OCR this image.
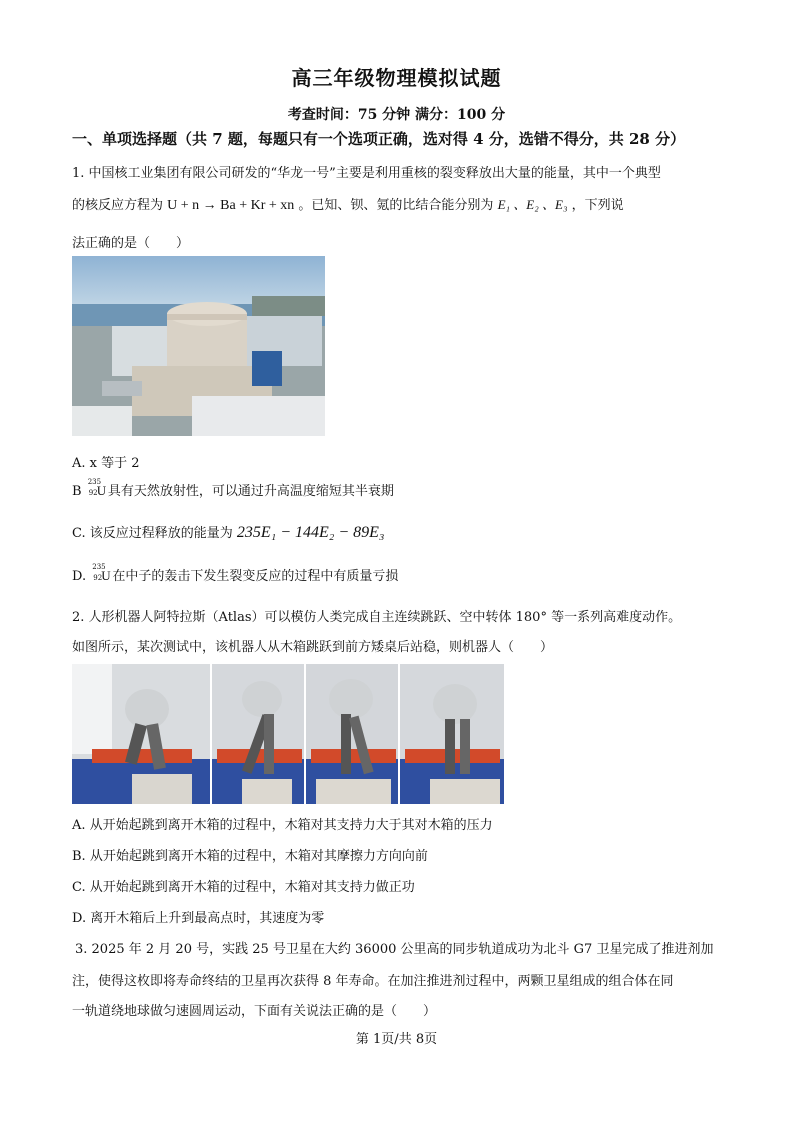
高三年级物理模拟试题
考查时间：75 分钟 满分：100 分
一、单项选择题（共 7 题，每题只有一个选项正确，选对得 4 分，选错不得分，共 28 分）
1. 中国核工业集团有限公司研发的“华龙一号”主要是利用重核的裂变释放出大量的能量，其中一个典型
的核反应方程为 U + n → Ba + Kr + xn 。已知、钡、氪的比结合能分别为 E₁ 、E₂ 、E₃ ，下列说
法正确的是（　　）
A. x 等于 2
B
235
92 U 具有天然放射性，可以通过升高温度缩短其半衰期
C. 该反应过程释放的能量为 235E₁ − 144E₂ − 89E₃
D.
235
92 U 在中子的轰击下发生裂变反应的过程中有质量亏损
2. 人形机器人阿特拉斯（Atlas）可以模仿人类完成自主连续跳跃、空中转体 180° 等一系列高难度动作。
如图所示，某次测试中，该机器人从木箱跳跃到前方矮桌后站稳，则机器人（　　）
A. 从开始起跳到离开木箱的过程中，木箱对其支持力大于其对木箱的压力
B. 从开始起跳到离开木箱的过程中，木箱对其摩擦力方向向前
C. 从开始起跳到离开木箱的过程中，木箱对其支持力做正功
D. 离开木箱后上升到最高点时，其速度为零
3. 2025 年 2 月 20 号，实践 25 号卫星在大约 36000 公里高的同步轨道成功为北斗 G7 卫星完成了推进剂加
注，使得这枚即将寿命终结的卫星再次获得 8 年寿命。在加注推进剂过程中，两颗卫星组成的组合体在同
一轨道绕地球做匀速圆周运动，下面有关说法正确的是（　　）
第 1页/共 8页
